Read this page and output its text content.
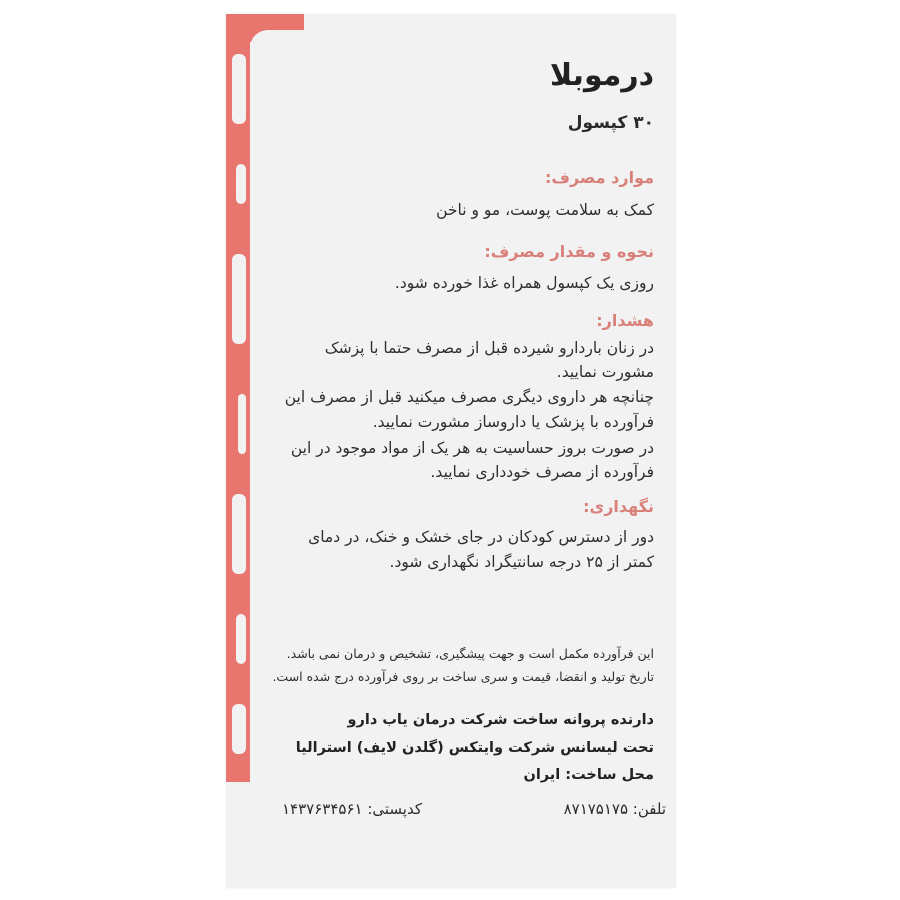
درموبلا
۳۰ کپسول
موارد مصرف:
کمک به سلامت پوست، مو و ناخن
نحوه و مقدار مصرف:
روزی یک کپسول همراه غذا خورده شود.
هشدار:
در زنان باردارو شیرده قبل از مصرف حتما با پزشک
مشورت نمایید.
چنانچه هر داروی دیگری مصرف میکنید قبل از مصرف این
فرآورده با پزشک یا داروساز مشورت نمایید.
در صورت بروز حساسیت به هر یک از مواد موجود در این
فرآورده از مصرف خودداری نمایید.
نگهداری:
دور از دسترس کودکان در جای خشک و خنک، در دمای
کمتر از ۲۵ درجه سانتیگراد نگهداری شود.
این فرآورده مکمل است و جهت پیشگیری، تشخیص و درمان نمی باشد.
تاریخ تولید و انقضا، قیمت و سری ساخت بر روی فرآورده درج شده است.
دارنده پروانه ساخت شرکت درمان یاب دارو
تحت لیسانس شرکت وایتکس (گلدن لایف) استرالیا
محل ساخت: ایران
تلفن: ۸۷۱۷۵۱۷۵
کدپستی: ۱۴۳۷۶۳۴۵۶۱
